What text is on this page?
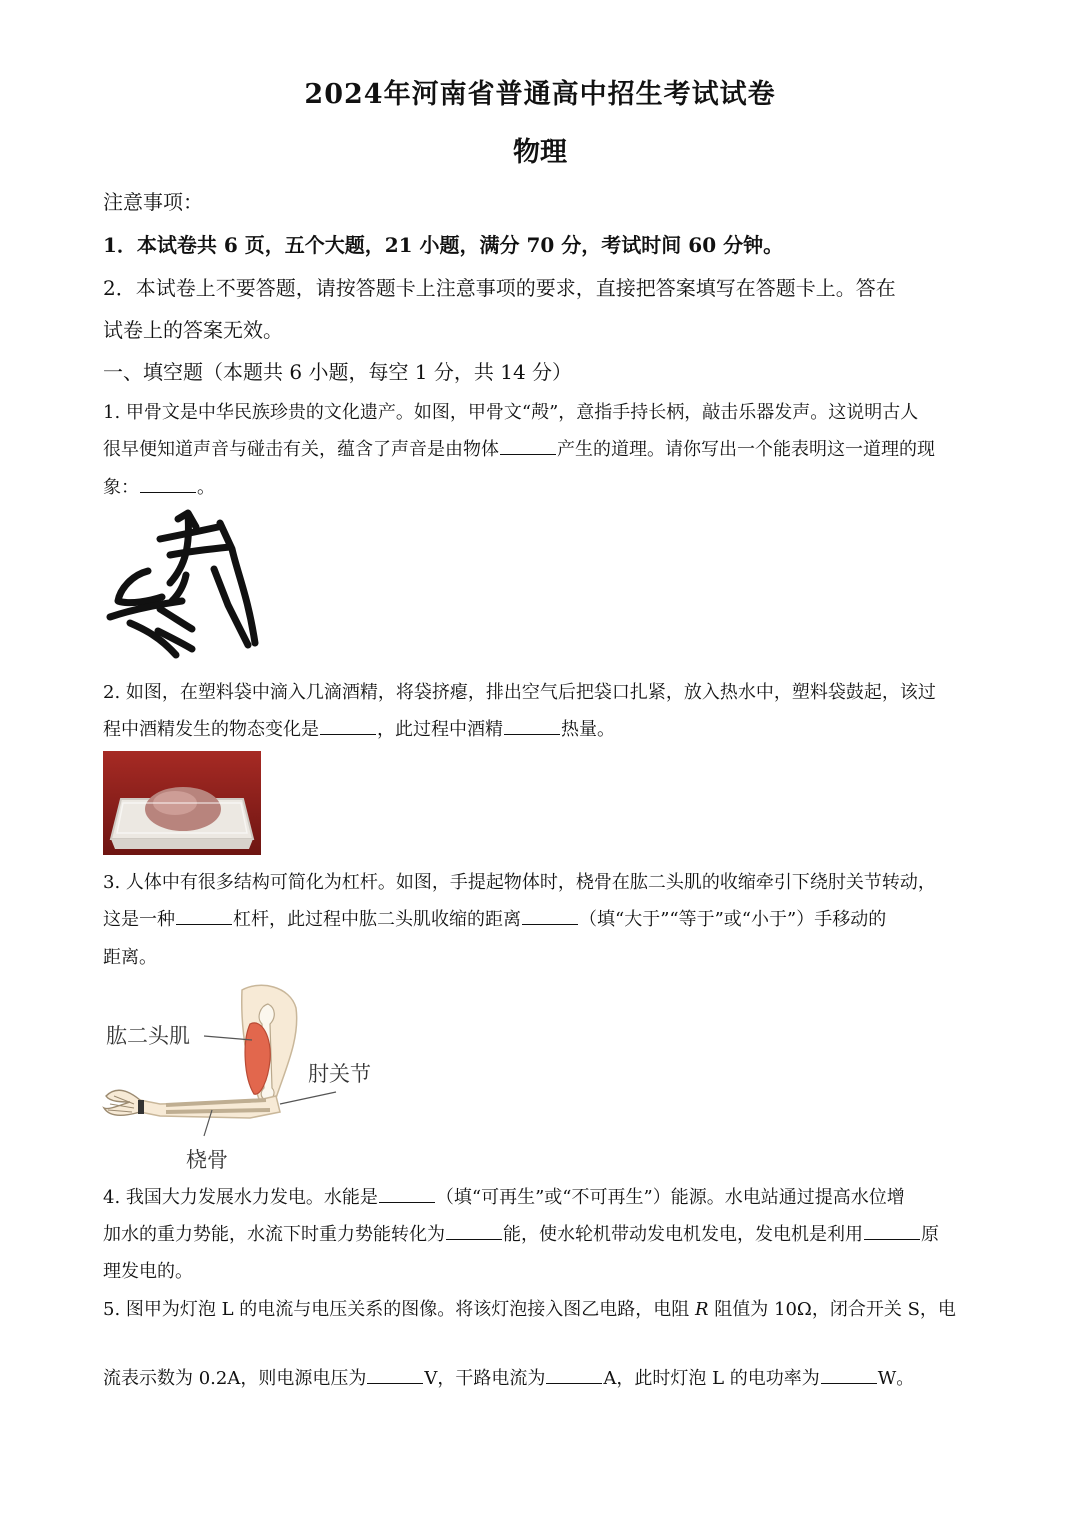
2024年河南省普通高中招生考试试卷
物理
注意事项：
1．本试卷共 6 页，五个大题，21 小题，满分 70 分，考试时间 60 分钟。
2．本试卷上不要答题，请按答题卡上注意事项的要求，直接把答案填写在答题卡上。答在
试卷上的答案无效。
一、填空题（本题共 6 小题，每空 1 分，共 14 分）
1. 甲骨文是中华民族珍贵的文化遗产。如图，甲骨文“殸”，意指手持长柄，敲击乐器发声。这说明古人
很早便知道声音与碰击有关，蕴含了声音是由物体	产生的道理。请你写出一个能表明这一道理的现
象：	。
2. 如图，在塑料袋中滴入几滴酒精，将袋挤瘪，排出空气后把袋口扎紧，放入热水中，塑料袋鼓起，该过
程中酒精发生的物态变化是	，此过程中酒精	热量。
3. 人体中有很多结构可简化为杠杆。如图，手提起物体时，桡骨在肱二头肌的收缩牵引下绕肘关节转动，
这是一种	杠杆，此过程中肱二头肌收缩的距离	（填“大于”“等于”或“小于”）手移动的
距离。
肱二头肌
肘关节
桡骨
4. 我国大力发展水力发电。水能是	（填“可再生”或“不可再生”）能源。水电站通过提高水位增
加水的重力势能，水流下时重力势能转化为	能，使水轮机带动发电机发电，发电机是利用	原
理发电的。
5. 图甲为灯泡 L 的电流与电压关系的图像。将该灯泡接入图乙电路，电阻 R 阻值为 10Ω，闭合开关 S，电
流表示数为 0.2A，则电源电压为	V，干路电流为	A，此时灯泡 L 的电功率为	W。
